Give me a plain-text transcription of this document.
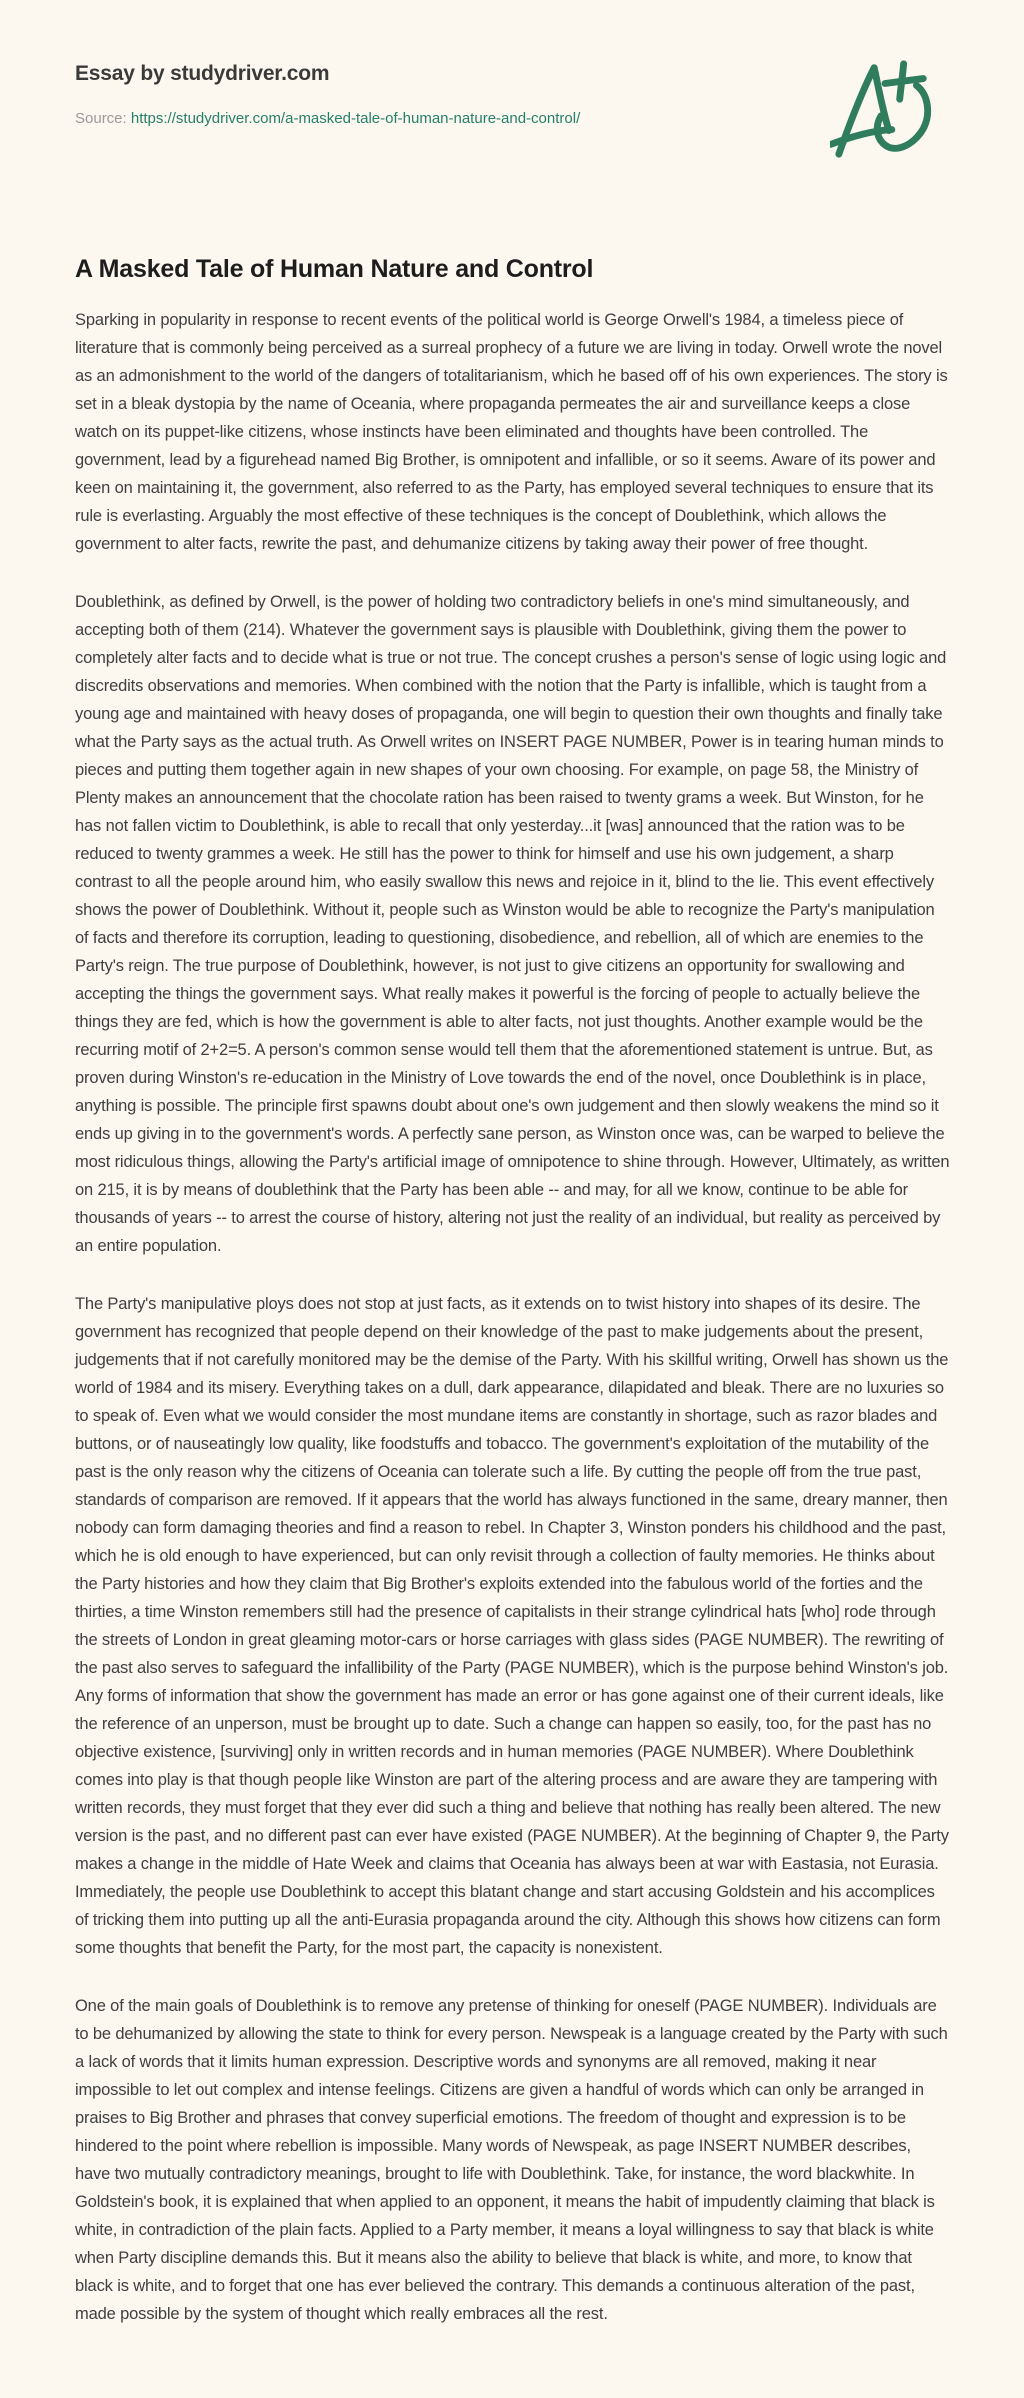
Essay by studydriver.com

Source: https://studydriver.com/a-masked-tale-of-human-nature-and-control/

A Masked Tale of Human Nature and Control

Sparking in popularity in response to recent events of the political world is George Orwell's 1984, a timeless piece of literature that is commonly being perceived as a surreal prophecy of a future we are living in today. Orwell wrote the novel as an admonishment to the world of the dangers of totalitarianism, which he based off of his own experiences. The story is set in a bleak dystopia by the name of Oceania, where propaganda permeates the air and surveillance keeps a close watch on its puppet-like citizens, whose instincts have been eliminated and thoughts have been controlled. The government, lead by a figurehead named Big Brother, is omnipotent and infallible, or so it seems. Aware of its power and keen on maintaining it, the government, also referred to as the Party, has employed several techniques to ensure that its rule is everlasting. Arguably the most effective of these techniques is the concept of Doublethink, which allows the government to alter facts, rewrite the past, and dehumanize citizens by taking away their power of free thought.

Doublethink, as defined by Orwell, is the power of holding two contradictory beliefs in one's mind simultaneously, and accepting both of them (214). Whatever the government says is plausible with Doublethink, giving them the power to completely alter facts and to decide what is true or not true. The concept crushes a person's sense of logic using logic and discredits observations and memories. When combined with the notion that the Party is infallible, which is taught from a young age and maintained with heavy doses of propaganda, one will begin to question their own thoughts and finally take what the Party says as the actual truth. As Orwell writes on INSERT PAGE NUMBER, Power is in tearing human minds to pieces and putting them together again in new shapes of your own choosing. For example, on page 58, the Ministry of Plenty makes an announcement that the chocolate ration has been raised to twenty grams a week. But Winston, for he has not fallen victim to Doublethink, is able to recall that only yesterday...it [was] announced that the ration was to be reduced to twenty grammes a week. He still has the power to think for himself and use his own judgement, a sharp contrast to all the people around him, who easily swallow this news and rejoice in it, blind to the lie. This event effectively shows the power of Doublethink. Without it, people such as Winston would be able to recognize the Party's manipulation of facts and therefore its corruption, leading to questioning, disobedience, and rebellion, all of which are enemies to the Party's reign. The true purpose of Doublethink, however, is not just to give citizens an opportunity for swallowing and accepting the things the government says. What really makes it powerful is the forcing of people to actually believe the things they are fed, which is how the government is able to alter facts, not just thoughts. Another example would be the recurring motif of 2+2=5. A person's common sense would tell them that the aforementioned statement is untrue. But, as proven during Winston's re-education in the Ministry of Love towards the end of the novel, once Doublethink is in place, anything is possible. The principle first spawns doubt about one's own judgement and then slowly weakens the mind so it ends up giving in to the government's words. A perfectly sane person, as Winston once was, can be warped to believe the most ridiculous things, allowing the Party's artificial image of omnipotence to shine through. However, Ultimately, as written on 215, it is by means of doublethink that the Party has been able -- and may, for all we know, continue to be able for thousands of years -- to arrest the course of history, altering not just the reality of an individual, but reality as perceived by an entire population.

The Party's manipulative ploys does not stop at just facts, as it extends on to twist history into shapes of its desire. The government has recognized that people depend on their knowledge of the past to make judgements about the present, judgements that if not carefully monitored may be the demise of the Party. With his skillful writing, Orwell has shown us the world of 1984 and its misery. Everything takes on a dull, dark appearance, dilapidated and bleak. There are no luxuries so to speak of. Even what we would consider the most mundane items are constantly in shortage, such as razor blades and buttons, or of nauseatingly low quality, like foodstuffs and tobacco. The government's exploitation of the mutability of the past is the only reason why the citizens of Oceania can tolerate such a life. By cutting the people off from the true past, standards of comparison are removed. If it appears that the world has always functioned in the same, dreary manner, then nobody can form damaging theories and find a reason to rebel. In Chapter 3, Winston ponders his childhood and the past, which he is old enough to have experienced, but can only revisit through a collection of faulty memories. He thinks about the Party histories and how they claim that Big Brother's exploits extended into the fabulous world of the forties and the thirties, a time Winston remembers still had the presence of capitalists in their strange cylindrical hats [who] rode through the streets of London in great gleaming motor-cars or horse carriages with glass sides (PAGE NUMBER). The rewriting of the past also serves to safeguard the infallibility of the Party (PAGE NUMBER), which is the purpose behind Winston's job. Any forms of information that show the government has made an error or has gone against one of their current ideals, like the reference of an unperson, must be brought up to date. Such a change can happen so easily, too, for the past has no objective existence, [surviving] only in written records and in human memories (PAGE NUMBER). Where Doublethink comes into play is that though people like Winston are part of the altering process and are aware they are tampering with written records, they must forget that they ever did such a thing and believe that nothing has really been altered. The new version is the past, and no different past can ever have existed (PAGE NUMBER). At the beginning of Chapter 9, the Party makes a change in the middle of Hate Week and claims that Oceania has always been at war with Eastasia, not Eurasia. Immediately, the people use Doublethink to accept this blatant change and start accusing Goldstein and his accomplices of tricking them into putting up all the anti-Eurasia propaganda around the city. Although this shows how citizens can form some thoughts that benefit the Party, for the most part, the capacity is nonexistent.

One of the main goals of Doublethink is to remove any pretense of thinking for oneself (PAGE NUMBER). Individuals are to be dehumanized by allowing the state to think for every person. Newspeak is a language created by the Party with such a lack of words that it limits human expression. Descriptive words and synonyms are all removed, making it near impossible to let out complex and intense feelings. Citizens are given a handful of words which can only be arranged in praises to Big Brother and phrases that convey superficial emotions. The freedom of thought and expression is to be hindered to the point where rebellion is impossible. Many words of Newspeak, as page INSERT NUMBER describes, have two mutually contradictory meanings, brought to life with Doublethink. Take, for instance, the word blackwhite. In Goldstein's book, it is explained that when applied to an opponent, it means the habit of impudently claiming that black is white, in contradiction of the plain facts. Applied to a Party member, it means a loyal willingness to say that black is white when Party discipline demands this. But it means also the ability to believe that black is white, and more, to know that black is white, and to forget that one has ever believed the contrary. This demands a continuous alteration of the past, made possible by the system of thought which really embraces all the rest.
